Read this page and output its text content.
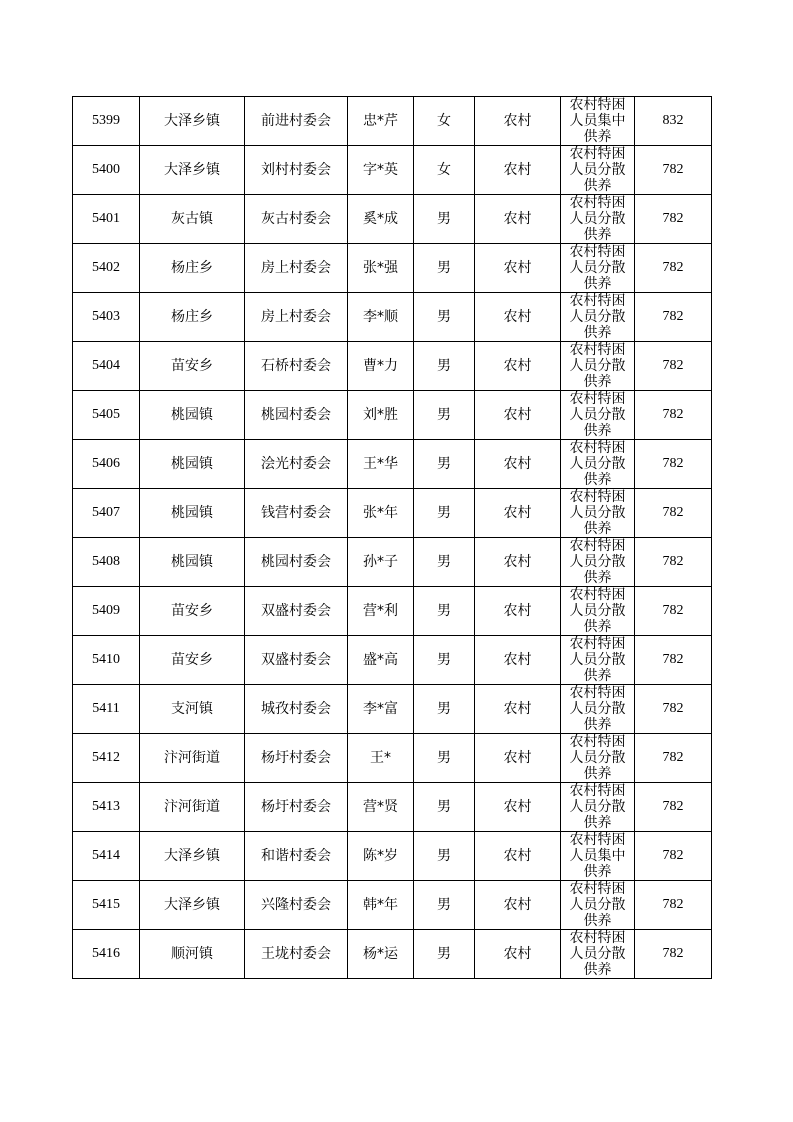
5399	大泽乡镇	前进村委会	忠*芹	女	农村	农村特困人员集中供养	832
5400	大泽乡镇	刘村村委会	字*英	女	农村	农村特困人员分散供养	782
5401	灰古镇	灰古村委会	奚*成	男	农村	农村特困人员分散供养	782
5402	杨庄乡	房上村委会	张*强	男	农村	农村特困人员分散供养	782
5403	杨庄乡	房上村委会	李*顺	男	农村	农村特困人员分散供养	782
5404	苗安乡	石桥村委会	曹*力	男	农村	农村特困人员分散供养	782
5405	桃园镇	桃园村委会	刘*胜	男	农村	农村特困人员分散供养	782
5406	桃园镇	浍光村委会	王*华	男	农村	农村特困人员分散供养	782
5407	桃园镇	钱营村委会	张*年	男	农村	农村特困人员分散供养	782
5408	桃园镇	桃园村委会	孙*子	男	农村	农村特困人员分散供养	782
5409	苗安乡	双盛村委会	营*利	男	农村	农村特困人员分散供养	782
5410	苗安乡	双盛村委会	盛*高	男	农村	农村特困人员分散供养	782
5411	支河镇	城孜村委会	李*富	男	农村	农村特困人员分散供养	782
5412	汴河街道	杨圩村委会	王*	男	农村	农村特困人员分散供养	782
5413	汴河街道	杨圩村委会	营*贤	男	农村	农村特困人员分散供养	782
5414	大泽乡镇	和谐村委会	陈*岁	男	农村	农村特困人员集中供养	782
5415	大泽乡镇	兴隆村委会	韩*年	男	农村	农村特困人员分散供养	782
5416	顺河镇	王垅村委会	杨*运	男	农村	农村特困人员分散供养	782
